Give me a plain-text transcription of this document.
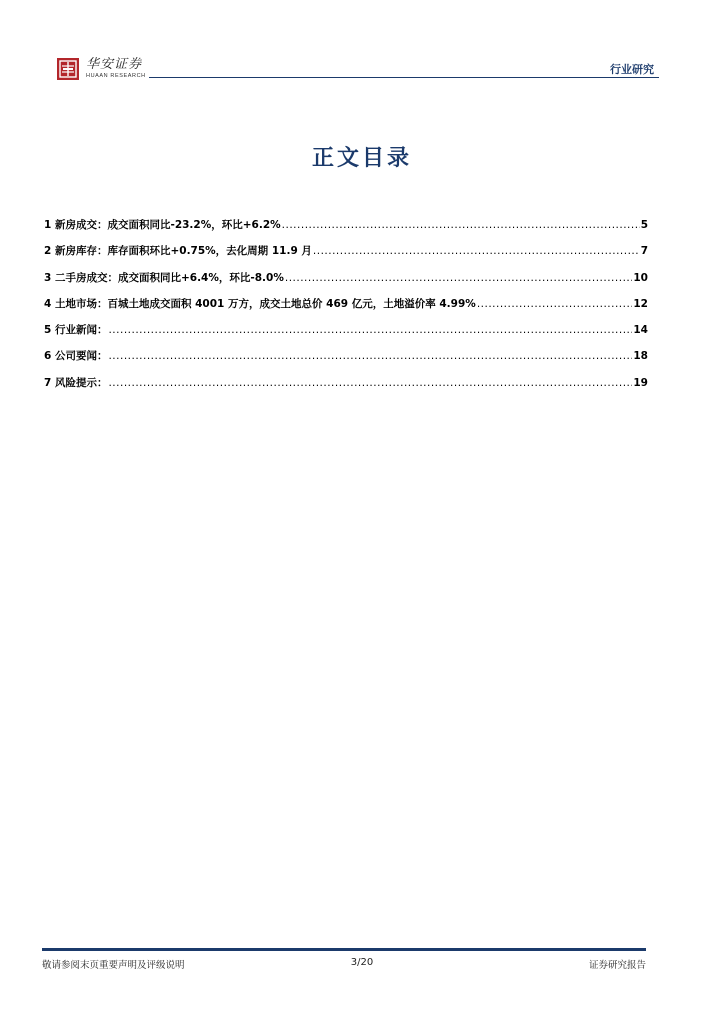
华安证券
HUAAN RESEARCH	行业研究
正文目录
1 新房成交：成交面积同比-23.2%，环比+6.2% .....	5
2 新房库存：库存面积环比+0.75%，去化周期 11.9 月 .....	7
3 二手房成交：成交面积同比+6.4%，环比-8.0% .....	10
4 土地市场：百城土地成交面积 4001 万方，成交土地总价 469 亿元，土地溢价率 4.99% .....	12
5 行业新闻： .....	14
6 公司要闻： .....	18
7 风险提示： .....	19
敬请参阅末页重要声明及评级说明	3/20	证券研究报告
